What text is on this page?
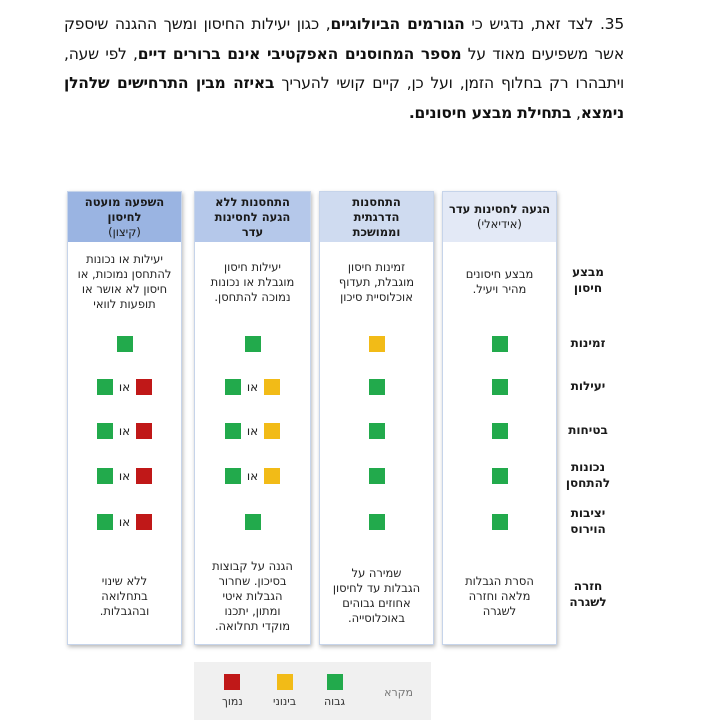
35. לצד זאת, נדגיש כי הגורמים הביולוגיים, כגון יעילות החיסון ומשך ההגנה שיספק אשר משפיעים מאוד על מספר המחוסנים האפקטיבי אינם ברורים דיים, לפי שעה, ויתבהרו רק בחלוף הזמן, ועל כן, קיים קושי להעריך באיזה מבין התרחישים שלהלן נימצא, בתחילת מבצע חיסונים.
מבצע חיסון
זמינות
יעילות
בטיחות
נכונות להתחסן
יציבות הוירוס
חזרה לשגרה
הגעה לחסינות עדר
(אידיאלי)
מבצע חיסונים מהיר ויעיל.
הסרת הגבלות מלאה וחזרה לשגרה
התחסנות הדרגתית וממושכת
זמינות חיסון מוגבלת, תעדוף אוכלוסיית סיכון
שמירה על הגבלות עד לחיסון אחוזים גבוהים באוכלוסייה.
התחסנות ללא הגעה לחסינות עדר
יעילות חיסון מוגבלת או נכונות נמוכה להתחסן.
או
או
או
הגנה על קבוצות בסיכון. שחרור הגבלות איטי ומתון, יתכנו מוקדי תחלואה.
השפעה מועטה לחיסון
(קיצון)
יעילות או נכונות להתחסן נמוכות, או חיסון לא אושר או תופעות לוואי
או
או
או
או
ללא שינוי בתחלואה ובהגבלות.
מקרא
גבוה
בינוני
נמוך
